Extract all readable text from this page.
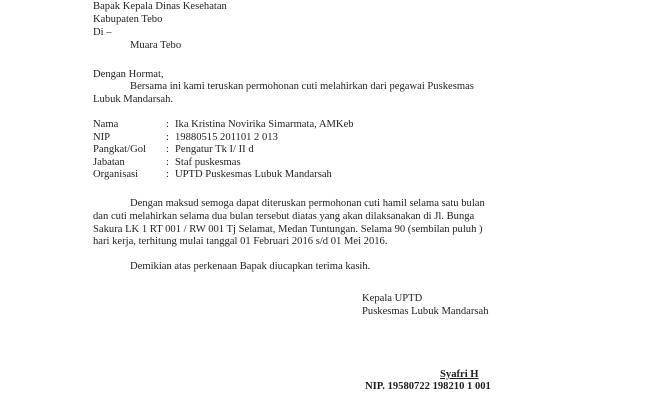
Bapak Kepala Dinas Kesehatan
Kabupaten Tebo
Di –
Muara Tebo
Dengan Hormat,
Bersama ini kami teruskan permohonan cuti melahirkan dari pegawai Puskesmas
Lubuk Mandarsah.
Nama	: Ika Kristina Novirika Simarmata, AMKeb
NIP	: 19880515 201101 2 013
Pangkat/Gol : Pengatur Tk I/ II d
Jabatan	: Staf puskesmas
Organisasi	: UPTD Puskesmas Lubuk Mandarsah
Dengan maksud semoga dapat diteruskan permohonan cuti hamil selama satu bulan
dan cuti melahirkan selama dua bulan tersebut diatas yang akan dilaksanakan di Jl. Bunga
Sakura LK 1 RT 001 / RW 001 Tj Selamat, Medan Tuntungan. Selama 90 (sembilan puluh )
hari kerja, terhitung mulai tanggal 01 Februari 2016 s/d 01 Mei 2016.
Demikian atas perkenaan Bapak diucapkan terima kasih.
Kepala UPTD
Puskesmas Lubuk Mandarsah
Syafri H
NIP. 19580722 198210 1 001
